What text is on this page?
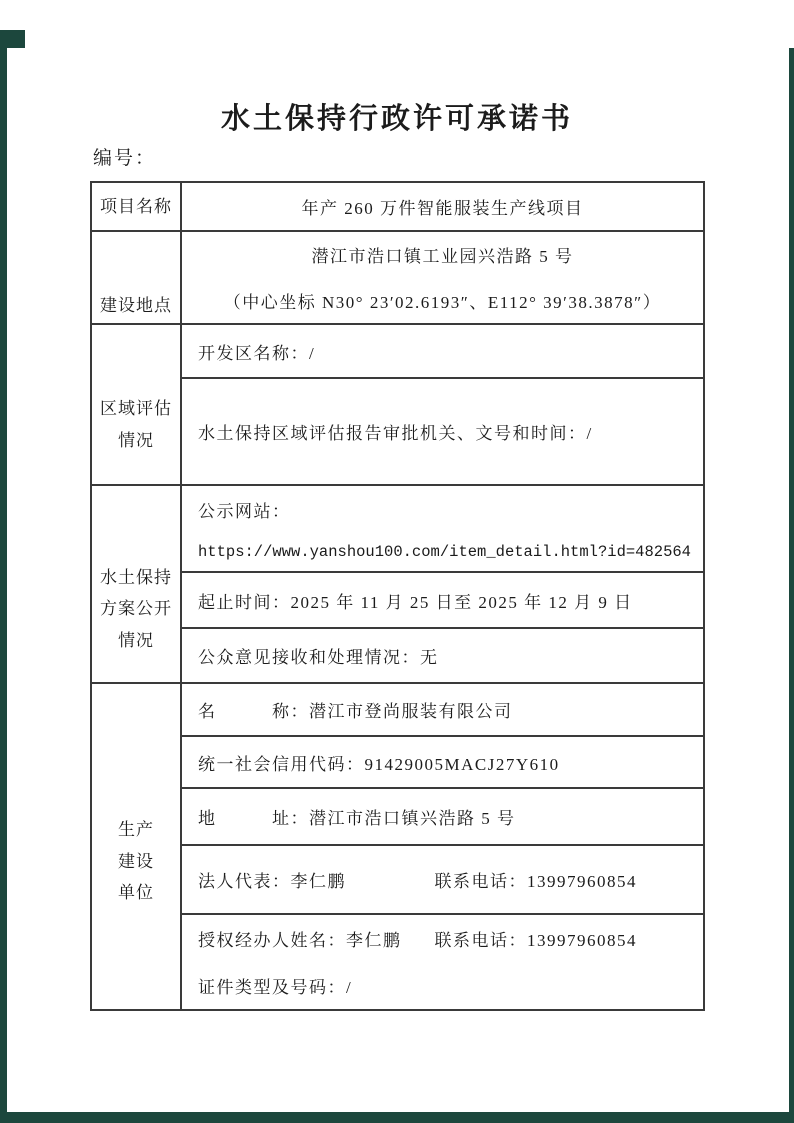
水土保持行政许可承诺书
编号：
项目名称	年产 260 万件智能服装生产线项目
建设地点
潜江市浩口镇工业园兴浩路 5 号
（中心坐标 N30° 23′02.6193″、E112° 39′38.3878″）
区域评估
情况
开发区名称：/
水土保持区域评估报告审批机关、文号和时间：/
水土保持
方案公开
情况
公示网站：
https://www.yanshou100.com/item_detail.html?id=482564
起止时间：2025 年 11 月 25 日至 2025 年 12 月 9 日
公众意见接收和处理情况：无
生产
建设
单位
名　　　称：潜江市登尚服装有限公司
统一社会信用代码：91429005MACJ27Y610
地　　　址：潜江市浩口镇兴浩路 5 号
法人代表：李仁鹏	联系电话：13997960854
授权经办人姓名：李仁鹏 联系电话：13997960854
证件类型及号码：/
